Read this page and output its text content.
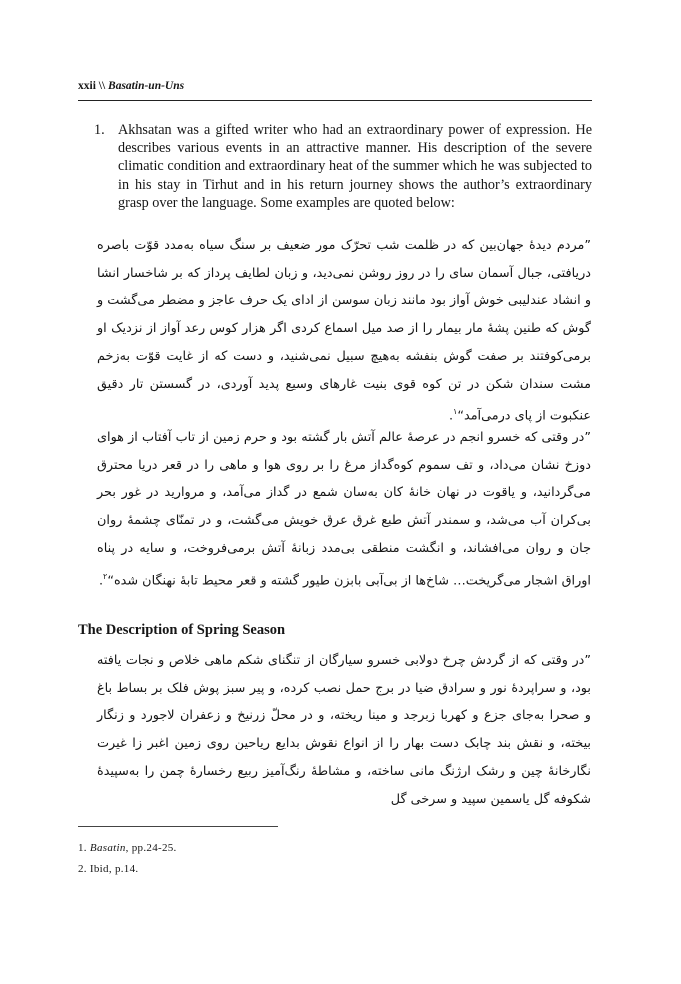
xxii \\ Basatin-un-Uns
1. Akhsatan was a gifted writer who had an extraordinary power of expression. He describes various events in an attractive manner. His description of the severe climatic condition and extraordinary heat of the summer which he was subjected to in his stay in Tirhut and in his return journey shows the author’s extraordinary grasp over the language. Some examples are quoted below:
”مردم دیدۀ جهان‌بین که در ظلمت شب تحرّک مور ضعیف بر سنگ سیاه به‌مدد قوّت باصره دریافتی، جبال آسمان سای را در روز روشن نمی‌دید، و زبان لطایف پرداز که بر شاخسار انشا و انشاد عندلیبی خوش آواز بود مانند زبان سوسن از ادای یک حرف عاجز و مضطر می‌گشت و گوش که طنین پشۀ مار بیمار را از صد میل اسماع کردی اگر هزار کوس رعد آواز از نزدیک او برمی‌کوفتند بر صفت گوش بنفشه به‌هیچ سبیل نمی‌شنید، و دست که از غایت قوّت به‌زخم مشت سندان شکن در تن کوه قوی بنیت غارهای وسیع پدید آوردی، در گسستن تار دقیق عنکبوت از پای درمی‌آمد“$^۱$.
”در وقتی که خسرو انجم در عرصۀ عالم آتش بار گشته بود و حرم زمین از تاب آفتاب از هوای دوزخ نشان می‌داد، و تف سموم کوه‌گداز مرغ را بر روی هوا و ماهی را در قعر دریا محترق می‌گردانید، و یاقوت در نهان خانۀ کان به‌سان شمع در گداز می‌آمد، و مروارید در غور بحر بی‌کران آب می‌شد، و سمندر آتش طبع غرق عرق خویش می‌گشت، و در تمنّای چشمۀ روان جان و روان می‌افشاند، و انگشت منطقی بی‌مدد زبانۀ آتش برمی‌فروخت، و سایه در پناه اوراق اشجار می‌گریخت… شاخ‌ها از بی‌آبی بابزن طیور گشته و قعر محیط تابۀ نهنگان شده“$^۲$.
The Description of Spring Season
”در وقتی که از گردش چرخ دولابی خسرو سیارگان از تنگنای شکم ماهی خلاص و نجات یافته بود، و سراپردۀ نور و سرادق ضیا در برج حمل نصب کرده، و پیر سبز پوش فلک بر بساط باغ و صحرا به‌جای جزع و کهربا زبرجد و مینا ریخته، و در محلّ زرنیخ و زعفران لاجورد و زنگار بیخته، و نقش بند چابک دست بهار را از انواع نقوش بدایع ریاحین روی زمین اغبر زا غیرت نگارخانۀ چین و رشک ارژنگ مانی ساخته، و مشاطۀ رنگ‌آمیز ربیع رخسارۀ چمن را به‌سپیدۀ شکوفه گل یاسمین سپید و سرخی گل
1. Basatin, pp.24-25.
2. Ibid, p.14.
